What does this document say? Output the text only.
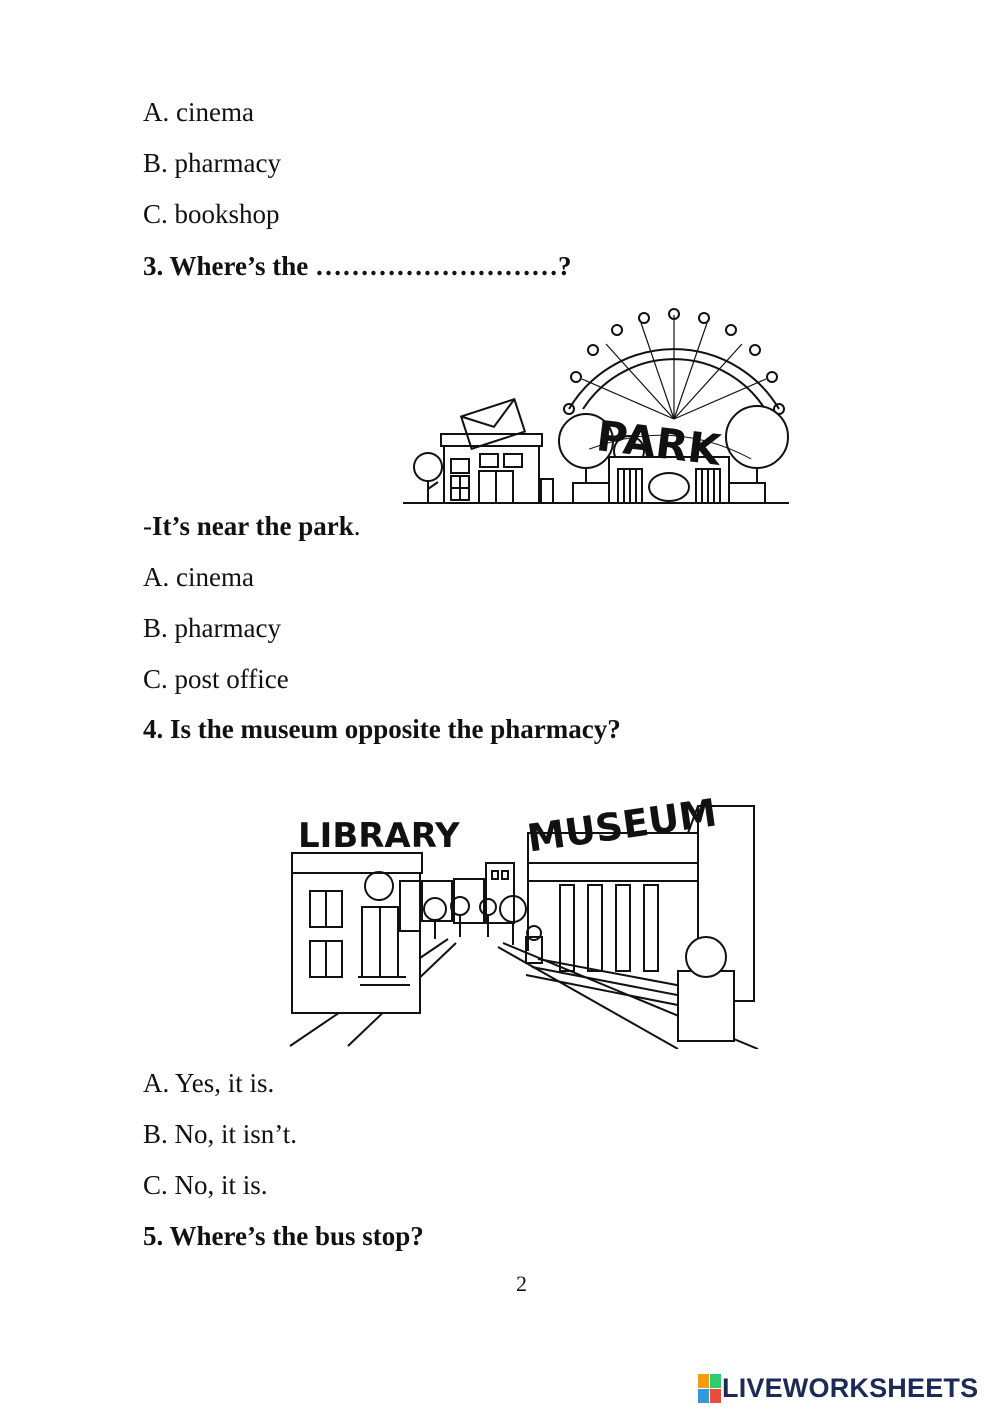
A. cinema
B. pharmacy
C. bookshop
3. Where’s the ………………………?
PARK
-It’s near the park.
A. cinema
B. pharmacy
C. post office
4. Is the museum opposite the pharmacy?
LIBRARY MUSEUM
A. Yes, it is.
B. No, it isn’t.
C. No, it is.
5. Where’s the bus stop?
2
LIVEWORKSHEETS
